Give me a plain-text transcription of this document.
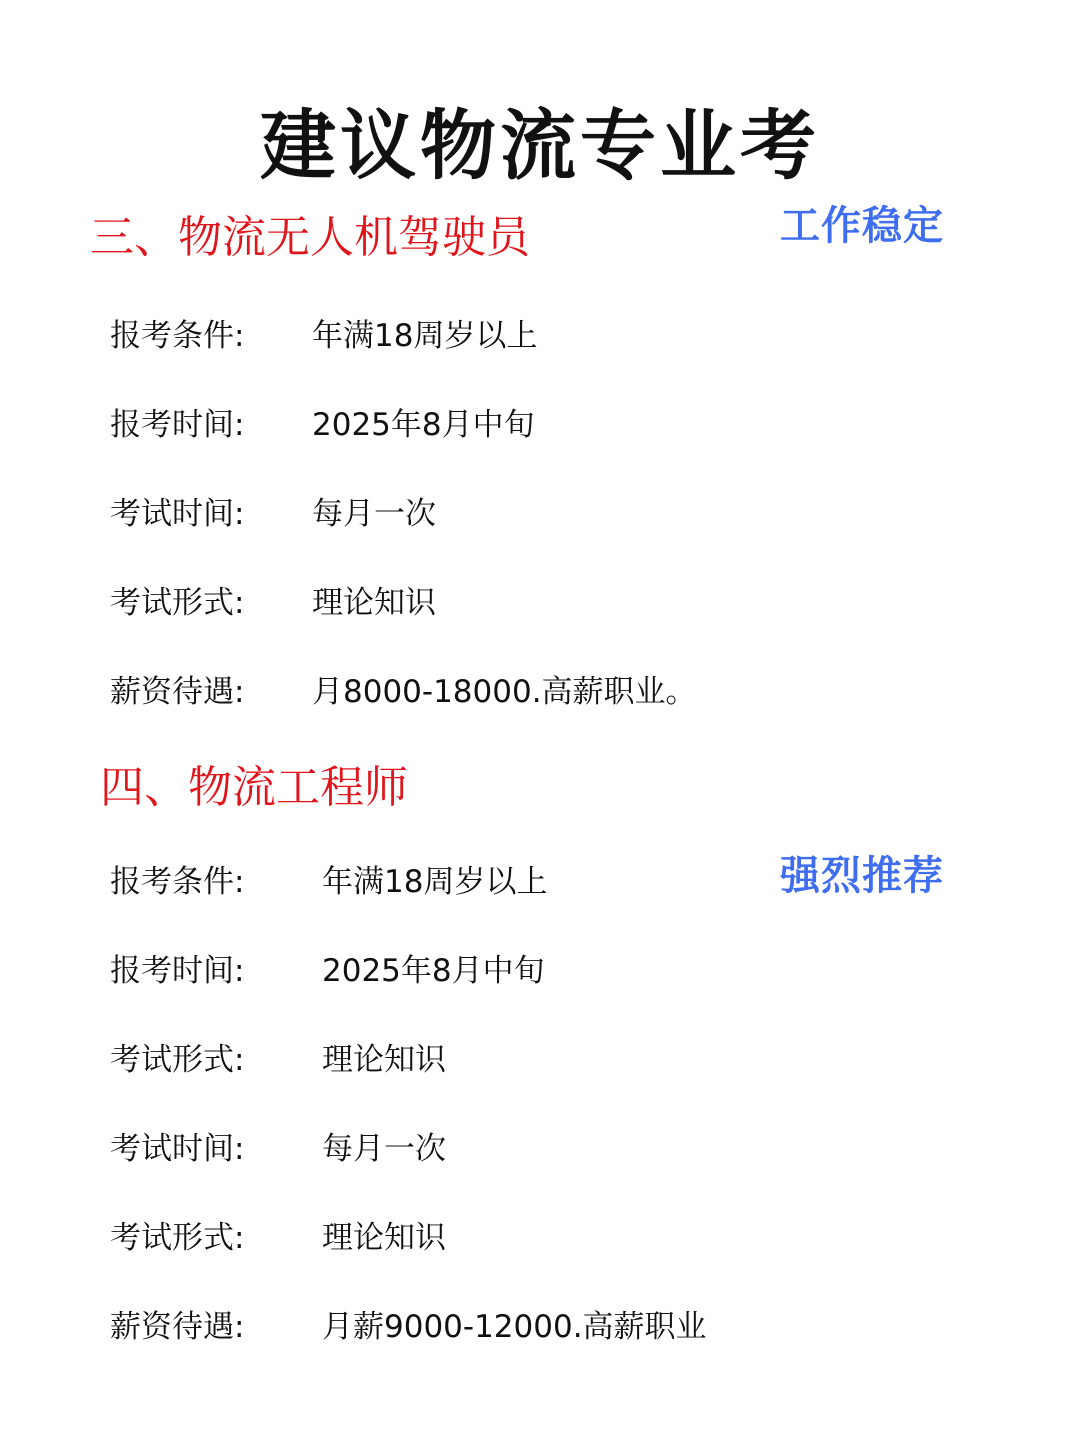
建议物流专业考
三、物流无人机驾驶员	工作稳定
报考条件: 年满18周岁以上
报考时间: 2025年8月中旬
考试时间: 每月一次
考试形式: 理论知识
薪资待遇: 月8000-18000.高薪职业。
四、物流工程师
强烈推荐
报考条件:	年满18周岁以上
报考时间:	2025年8月中旬
考试形式:	理论知识
考试时间:	每月一次
考试形式:	理论知识
薪资待遇:	月薪9000-12000.高薪职业
